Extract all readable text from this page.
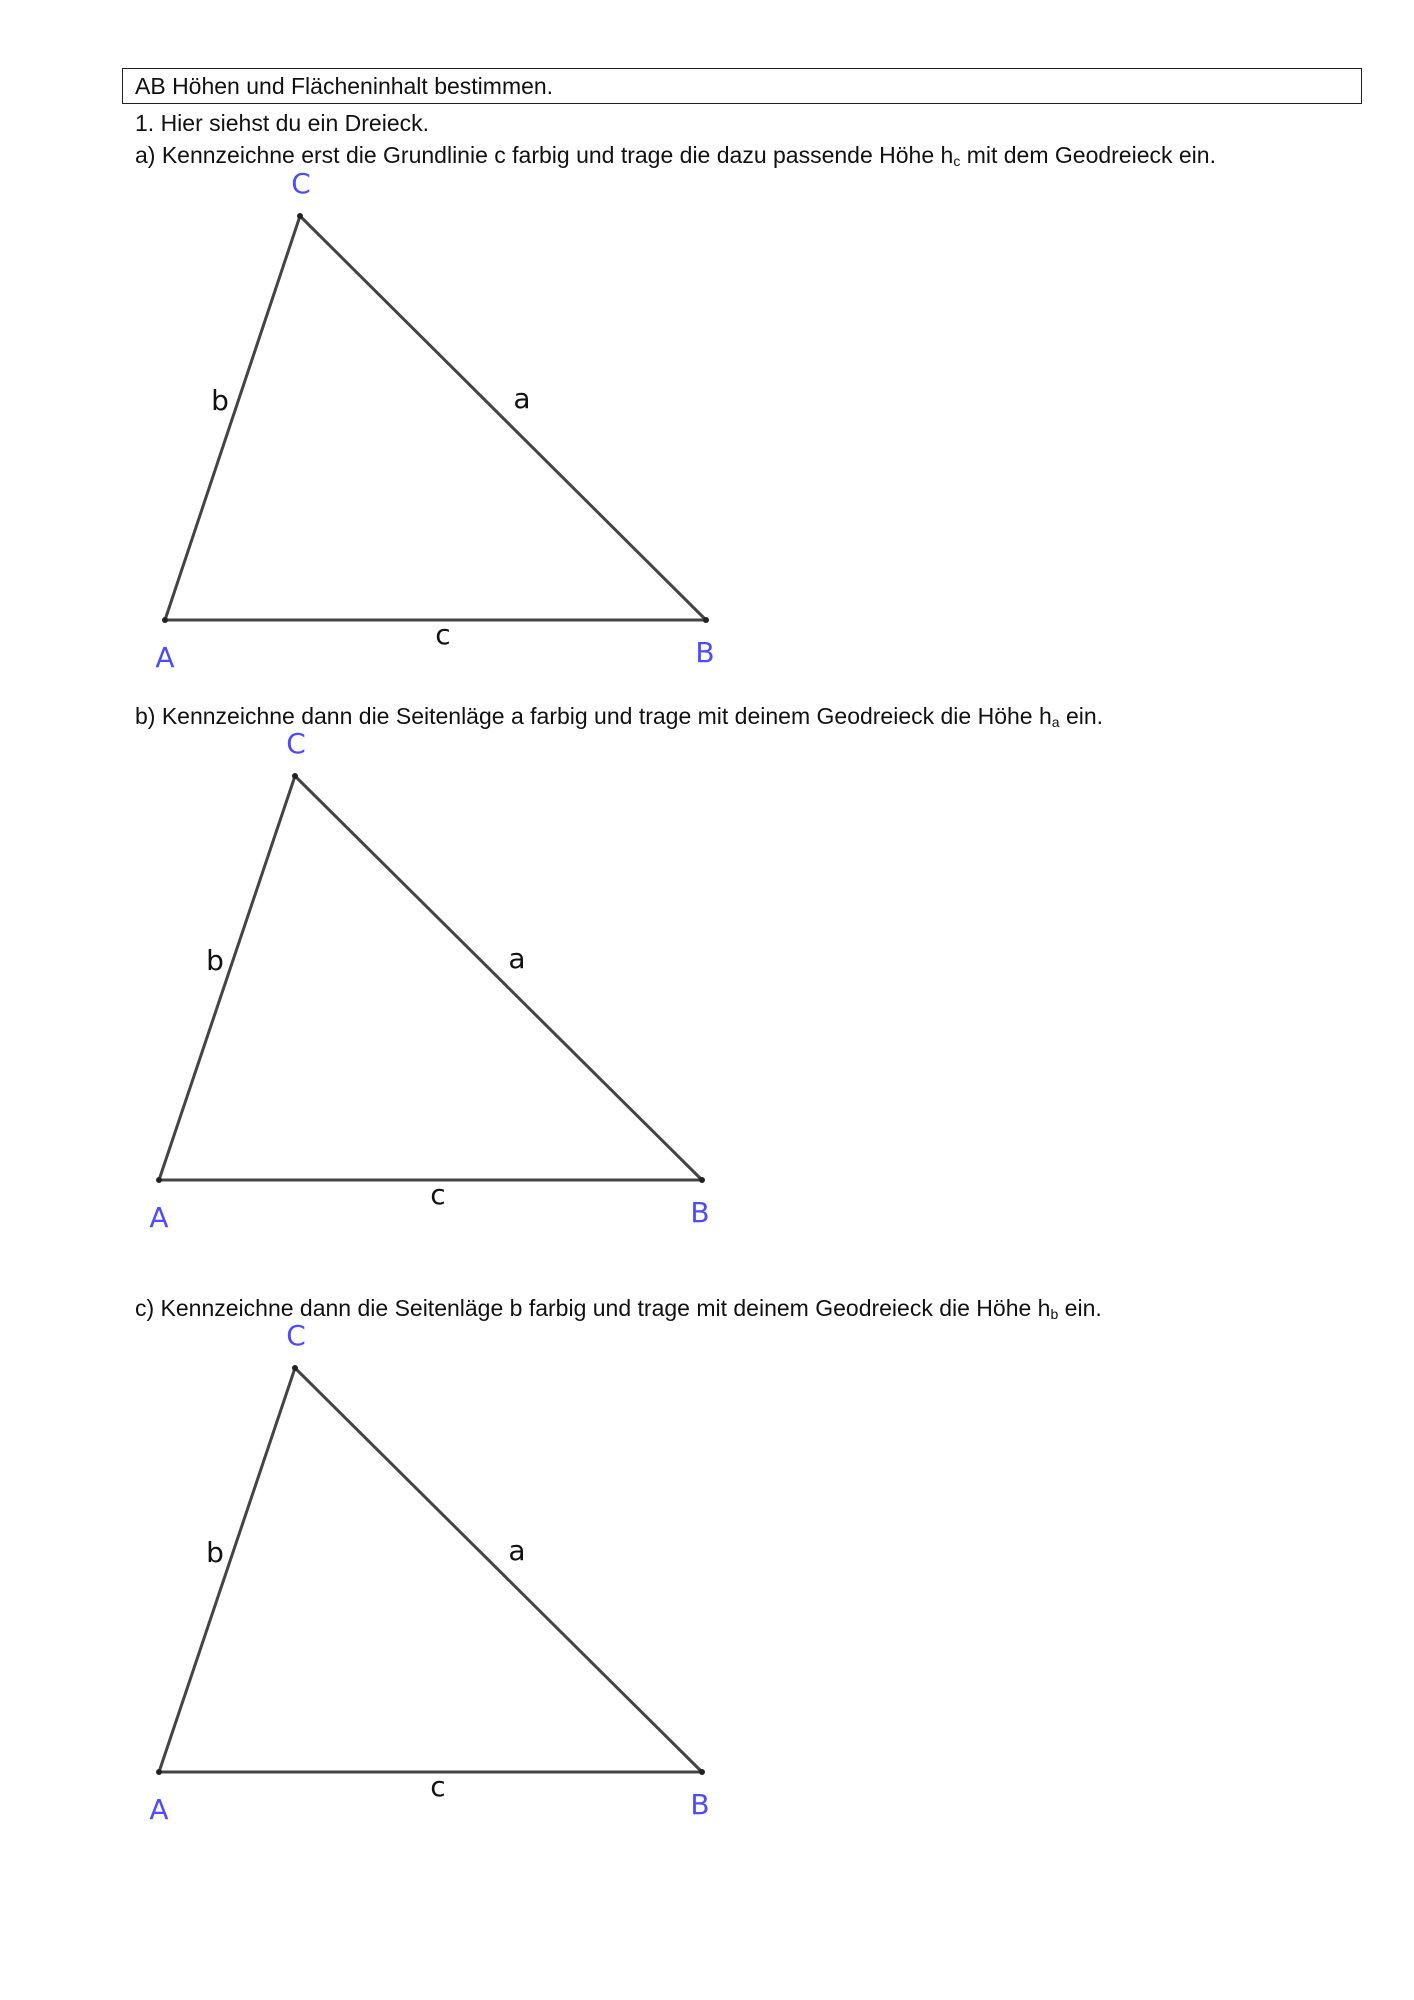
AB Höhen und Flächeninhalt bestimmen.
1. Hier siehst du ein Dreieck.
a) Kennzeichne erst die Grundlinie c farbig und trage die dazu passende Höhe $h_c$ mit dem Geodreieck ein.
C
A	B
b	a
c
b) Kennzeichne dann die Seitenläge a farbig und trage mit deinem Geodreieck die Höhe $h_a$ ein.
C
A	B
b	a
c
c) Kennzeichne dann die Seitenläge b farbig und trage mit deinem Geodreieck die Höhe $h_b$ ein.
C
A	B
b	a
c
